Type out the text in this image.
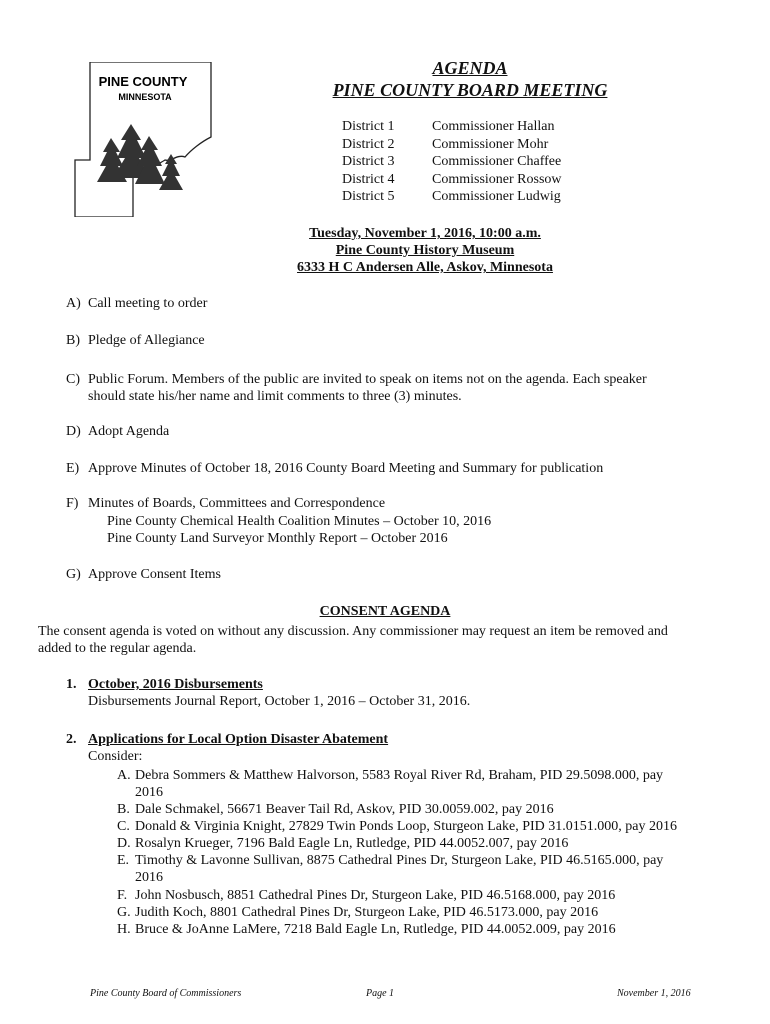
PINE COUNTY
MINNESOTA
AGENDA
PINE COUNTY BOARD MEETING
District 1	Commissioner Hallan
District 2	Commissioner Mohr
District 3	Commissioner Chaffee
District 4	Commissioner Rossow
District 5	Commissioner Ludwig
Tuesday, November 1, 2016, 10:00 a.m.
Pine County History Museum
6333 H C Andersen Alle, Askov, Minnesota
A) Call meeting to order
B) Pledge of Allegiance
C) Public Forum. Members of the public are invited to speak on items not on the agenda. Each speaker
should state his/her name and limit comments to three (3) minutes.
D) Adopt Agenda
E) Approve Minutes of October 18, 2016 County Board Meeting and Summary for publication
F) Minutes of Boards, Committees and Correspondence
Pine County Chemical Health Coalition Minutes – October 10, 2016
Pine County Land Surveyor Monthly Report – October 2016
G) Approve Consent Items
CONSENT AGENDA
The consent agenda is voted on without any discussion. Any commissioner may request an item be removed and
added to the regular agenda.
1. October, 2016 Disbursements
Disbursements Journal Report, October 1, 2016 – October 31, 2016.
2. Applications for Local Option Disaster Abatement
Consider:
A. Debra Sommers & Matthew Halvorson, 5583 Royal River Rd, Braham, PID 29.5098.000, pay
2016
B. Dale Schmakel, 56671 Beaver Tail Rd, Askov, PID 30.0059.002, pay 2016
C. Donald & Virginia Knight, 27829 Twin Ponds Loop, Sturgeon Lake, PID 31.0151.000, pay 2016
D. Rosalyn Krueger, 7196 Bald Eagle Ln, Rutledge, PID 44.0052.007, pay 2016
E. Timothy & Lavonne Sullivan, 8875 Cathedral Pines Dr, Sturgeon Lake, PID 46.5165.000, pay
2016
F. John Nosbusch, 8851 Cathedral Pines Dr, Sturgeon Lake, PID 46.5168.000, pay 2016
G. Judith Koch, 8801 Cathedral Pines Dr, Sturgeon Lake, PID 46.5173.000, pay 2016
H. Bruce & JoAnne LaMere, 7218 Bald Eagle Ln, Rutledge, PID 44.0052.009, pay 2016
Pine County Board of Commissioners	Page 1	November 1, 2016
